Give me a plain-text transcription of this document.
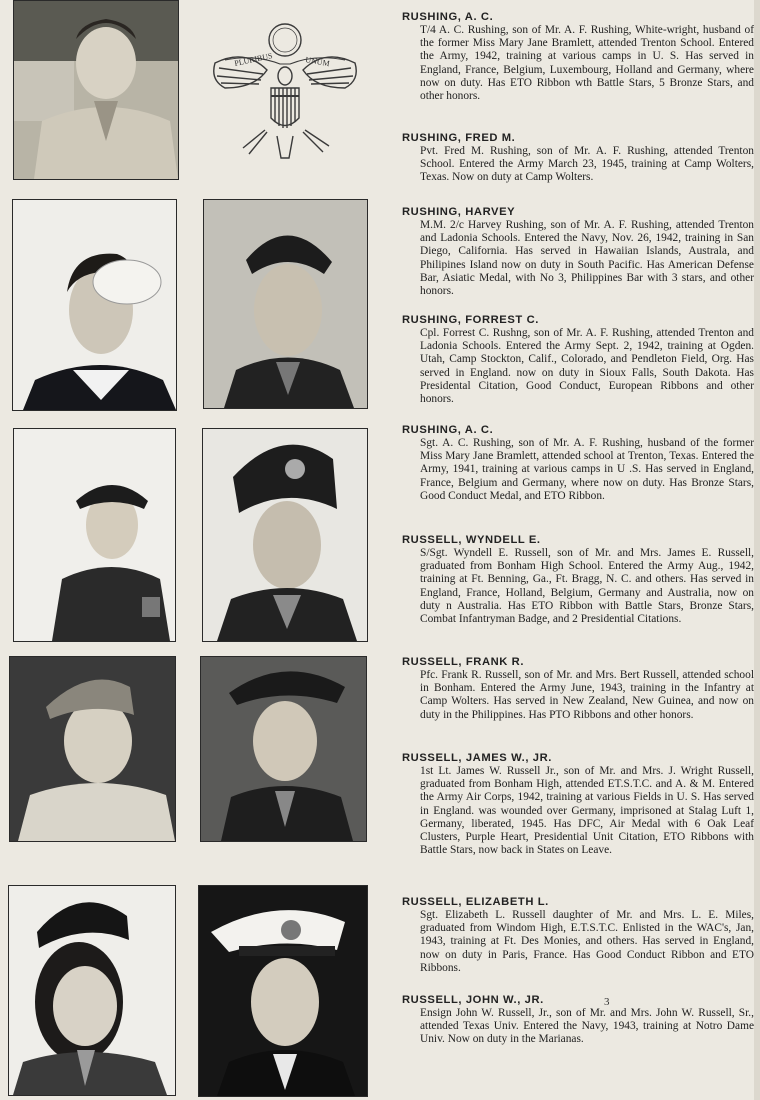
PLURIBUS	UNUM

RUSHING, A. C.

T/4 A. C. Rushing, son of Mr. A. F. Rushing, White-wright, husband of the former Miss Mary Jane Bramlett, attended Trenton School. Entered the Army, 1942, training at various camps in U. S. Has served in England, France, Belgium, Luxembourg, Holland and Germany, where now on duty. Has ETO Ribbon wth Battle Stars, 5 Bronze Stars, and other honors.

RUSHING, FRED M.

Pvt. Fred M. Rushing, son of Mr. A. F. Rushing, attended Trenton School. Entered the Army March 23, 1945, training at Camp Wolters, Texas. Now on duty at Camp Wolters.

RUSHING, HARVEY

M.M. 2/c Harvey Rushing, son of Mr. A. F. Rushing, attended Trenton and Ladonia Schools. Entered the Navy, Nov. 26, 1942, training in San Diego, California. Has served in Hawaiian Islands, Australa, and Philipines Island now on duty in South Pacific. Has American Defense Bar, Asiatic Medal, with No 3, Philippines Bar with 3 stars, and other honors.

RUSHING, FORREST C.

Cpl. Forrest C. Rushng, son of Mr. A. F. Rushing, attended Trenton and Ladonia Schools. Entered the Army Sept. 2, 1942, training at Ogden. Utah, Camp Stockton, Calif., Colorado, and Pendleton Field, Org. Has served in England. now on duty in Sioux Falls, South Dakota. Has Presidental Citation, Good Conduct, European Ribbons and other honors.

RUSHING, A. C.

Sgt. A. C. Rushing, son of Mr. A. F. Rushing, husband of the former Miss Mary Jane Bramlett, attended school at Trenton, Texas. Entered the Army, 1941, training at various camps in U .S. Has served in England, France, Belgium and Germany, where now on duty. Has Bronze Stars, Good Conduct Medal, and ETO Ribbon.

RUSSELL, WYNDELL E.

S/Sgt. Wyndell E. Russell, son of Mr. and Mrs. James E. Russell, graduated from Bonham High School. Entered the Army Aug., 1942, training at Ft. Benning, Ga., Ft. Bragg, N. C. and others. Has served in England, France, Holland, Belgium, Germany and Australia, now on duty n Australia. Has ETO Ribbon with Battle Stars, Bronze Stars, Combat Infantryman Badge, and 2 Presidential Citations.

RUSSELL, FRANK R.

Pfc. Frank R. Russell, son of Mr. and Mrs. Bert Russell, attended school in Bonham. Entered the Army June, 1943, training in the Infantry at Camp Wolters. Has served in New Zealand, New Guinea, and now on duty in the Philippines. Has PTO Ribbons and other honors.

RUSSELL, JAMES W., JR.

1st Lt. James W. Russell Jr., son of Mr. and Mrs. J. Wright Russell, graduated from Bonham High, attended ET.S.T.C. and A. & M. Entered the Army Air Corps, 1942, training at various Fields in U. S. Has served in England. was wounded over Germany, imprisoned at Stalag Luft 1, Germany, liberated, 1945. Has DFC, Air Medal with 6 Oak Leaf Clusters, Purple Heart, Presidential Unit Citation, ETO Ribbons with Battle Stars, now back in States on Leave.

RUSSELL, ELIZABETH L.

Sgt. Elizabeth L. Russell daughter of Mr. and Mrs. L. E. Miles, graduated from Windom High, E.T.S.T.C. Enlisted in the WAC's, Jan, 1943, training at Ft. Des Monies, and others. Has served in England, now on duty in Paris, France. Has Good Conduct Ribbon and ETO Ribbons.

RUSSELL, JOHN W., JR.

Ensign John W. Russell, Jr., son of Mr. and Mrs. John W. Russell, Sr., attended Texas Univ. Entered the Navy, 1943, training at Notro Dame Univ. Now on duty in the Marianas.

3
